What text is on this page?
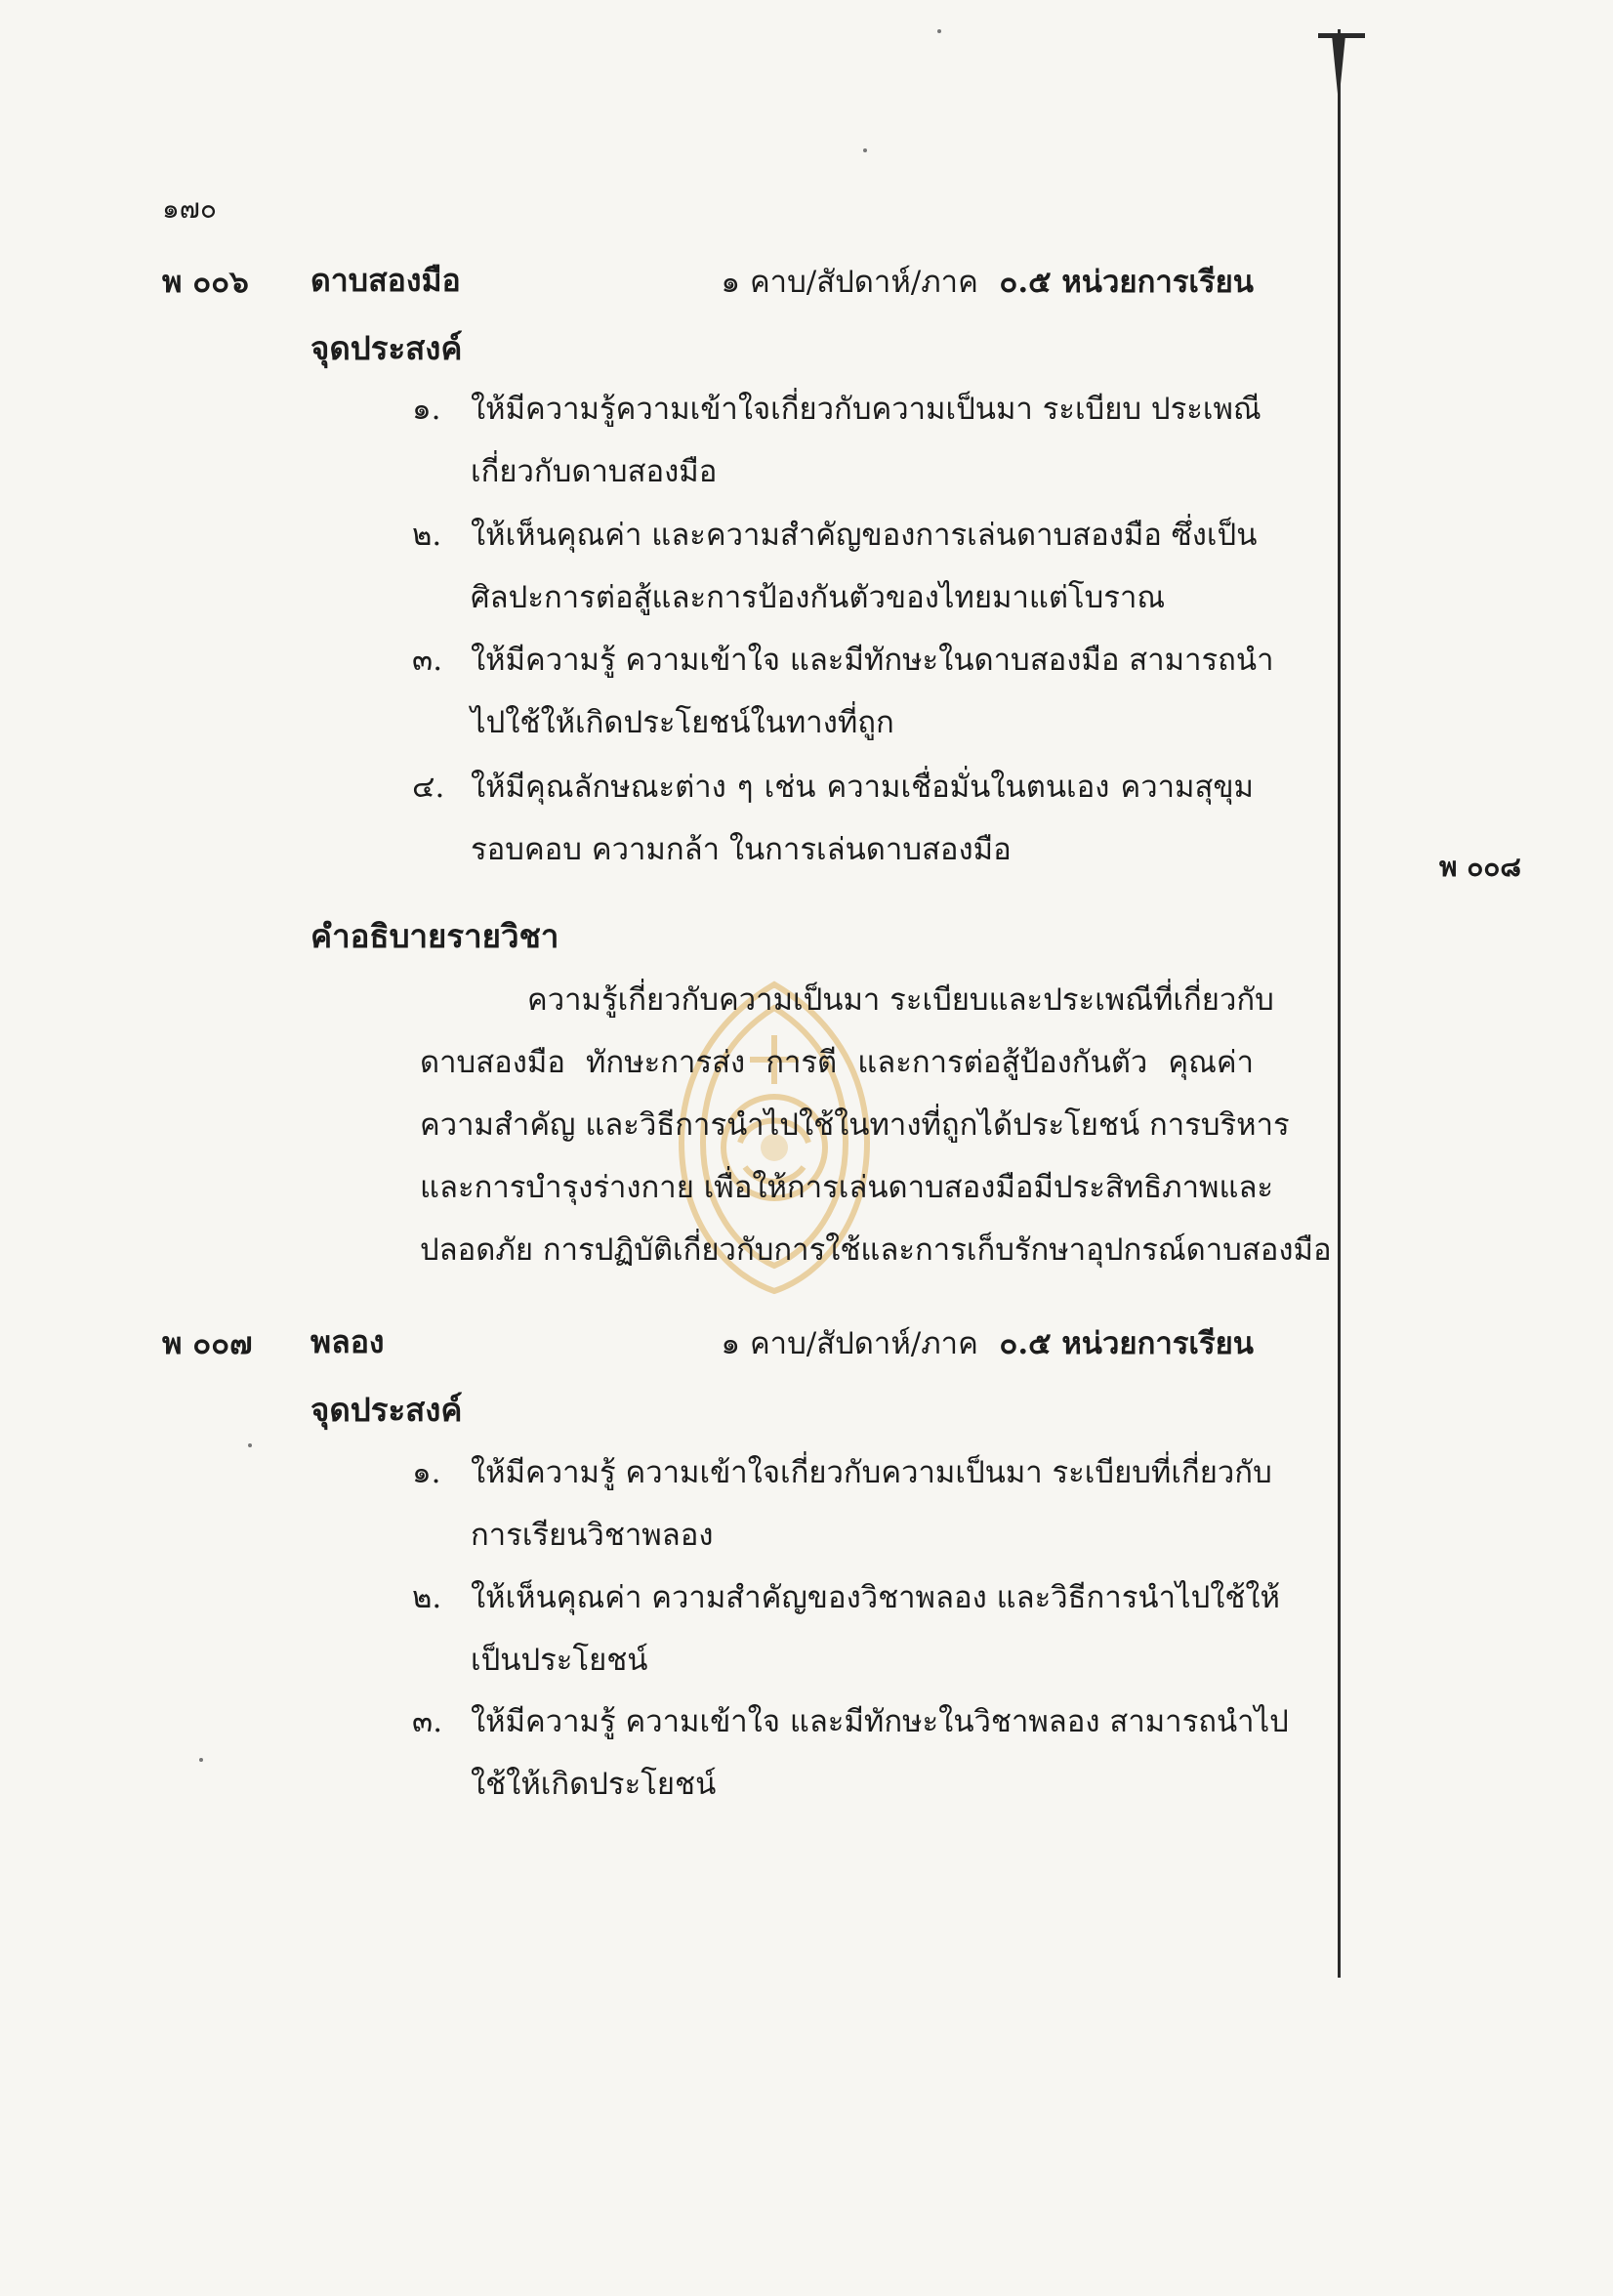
๑๗๐
พ ๐๐๖ ดาบสองมือ	๑ คาบ/สัปดาห์/ภาค ๐.๕ หน่วยการเรียน
จุดประสงค์
๑. ให้มีความรู้ความเข้าใจเกี่ยวกับความเป็นมา ระเบียบ ประเพณี
เกี่ยวกับดาบสองมือ
๒. ให้เห็นคุณค่า และความสำคัญของการเล่นดาบสองมือ ซึ่งเป็น
ศิลปะการต่อสู้และการป้องกันตัวของไทยมาแต่โบราณ
๓. ให้มีความรู้ ความเข้าใจ และมีทักษะในดาบสองมือ สามารถนำ
ไปใช้ให้เกิดประโยชน์ในทางที่ถูก
๔. ให้มีคุณลักษณะต่าง ๆ เช่น ความเชื่อมั่นในตนเอง ความสุขุม
รอบคอบ ความกล้า ในการเล่นดาบสองมือ
คำอธิบายรายวิชา
ความรู้เกี่ยวกับความเป็นมา ระเบียบและประเพณีที่เกี่ยวกับ
ดาบสองมือ ทักษะการส่ง การตี และการต่อสู้ป้องกันตัว คุณค่า
ความสำคัญ และวิธีการนำไปใช้ในทางที่ถูกได้ประโยชน์ การบริหาร
และการบำรุงร่างกาย เพื่อให้การเล่นดาบสองมือมีประสิทธิภาพและ
ปลอดภัย การปฏิบัติเกี่ยวกับการใช้และการเก็บรักษาอุปกรณ์ดาบสองมือ
พ ๐๐๗ พลอง	๑ คาบ/สัปดาห์/ภาค ๐.๕ หน่วยการเรียน
จุดประสงค์
๑. ให้มีความรู้ ความเข้าใจเกี่ยวกับความเป็นมา ระเบียบที่เกี่ยวกับ
การเรียนวิชาพลอง
๒. ให้เห็นคุณค่า ความสำคัญของวิชาพลอง และวิธีการนำไปใช้ให้
เป็นประโยชน์
๓. ให้มีความรู้ ความเข้าใจ และมีทักษะในวิชาพลอง สามารถนำไป
ใช้ให้เกิดประโยชน์
พ ๐๐๘
